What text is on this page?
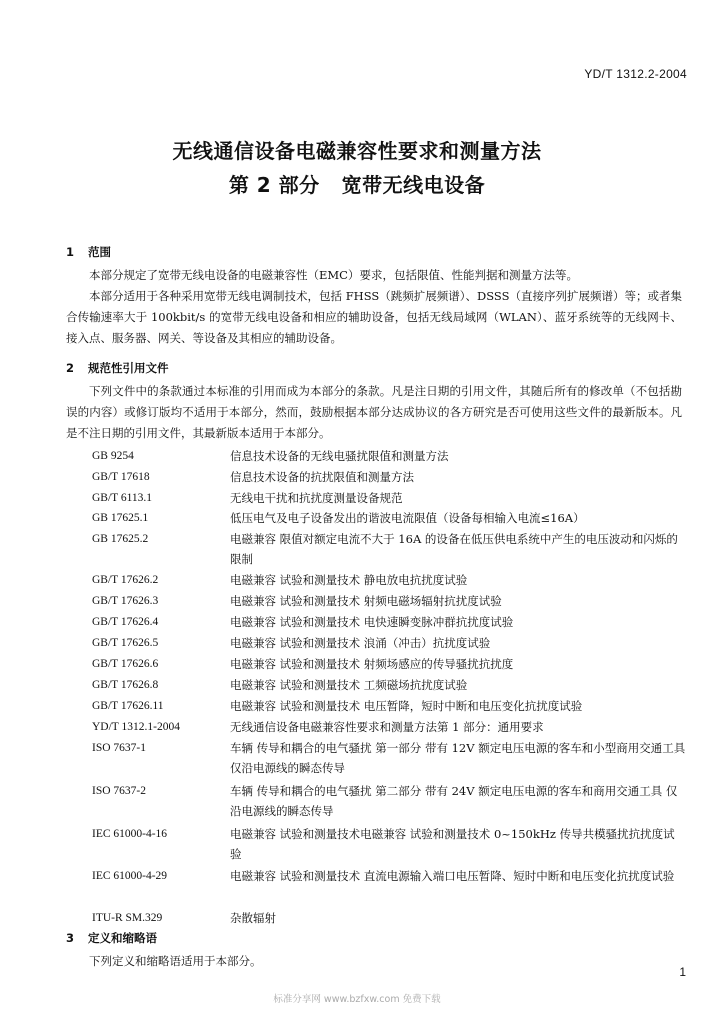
YD/T 1312.2-2004
无线通信设备电磁兼容性要求和测量方法
第 2 部分 宽带无线电设备
1 范围
本部分规定了宽带无线电设备的电磁兼容性（EMC）要求，包括限值、性能判据和测量方法等。
本部分适用于各种采用宽带无线电调制技术，包括 FHSS（跳频扩展频谱）、DSSS（直接序列扩展频谱）等；或者集合传输速率大于 100kbit/s 的宽带无线电设备和相应的辅助设备，包括无线局域网（WLAN）、蓝牙系统等的无线网卡、接入点、服务器、网关、等设备及其相应的辅助设备。
2 规范性引用文件
下列文件中的条款通过本标准的引用而成为本部分的条款。凡是注日期的引用文件，其随后所有的修改单（不包括勘误的内容）或修订版均不适用于本部分，然而，鼓励根据本部分达成协议的各方研究是否可使用这些文件的最新版本。凡是不注日期的引用文件，其最新版本适用于本部分。
GB 9254	信息技术设备的无线电骚扰限值和测量方法
GB/T 17618	信息技术设备的抗扰限值和测量方法
GB/T 6113.1	无线电干扰和抗扰度测量设备规范
GB 17625.1	低压电气及电子设备发出的谐波电流限值（设备每相输入电流≤16A）
GB 17625.2	电磁兼容 限值对额定电流不大于 16A 的设备在低压供电系统中产生的电压波动和闪烁的限制
GB/T 17626.2	电磁兼容 试验和测量技术 静电放电抗扰度试验
GB/T 17626.3	电磁兼容 试验和测量技术 射频电磁场辐射抗扰度试验
GB/T 17626.4	电磁兼容 试验和测量技术 电快速瞬变脉冲群抗扰度试验
GB/T 17626.5	电磁兼容 试验和测量技术 浪涌（冲击）抗扰度试验
GB/T 17626.6	电磁兼容 试验和测量技术 射频场感应的传导骚扰抗扰度
GB/T 17626.8	电磁兼容 试验和测量技术 工频磁场抗扰度试验
GB/T 17626.11	电磁兼容 试验和测量技术 电压暂降，短时中断和电压变化抗扰度试验
YD/T 1312.1-2004	无线通信设备电磁兼容性要求和测量方法第 1 部分：通用要求
ISO 7637-1	车辆 传导和耦合的电气骚扰 第一部分 带有 12V 额定电压电源的客车和小型商用交通工具 仅沿电源线的瞬态传导
ISO 7637-2	车辆 传导和耦合的电气骚扰 第二部分 带有 24V 额定电压电源的客车和商用交通工具 仅沿电源线的瞬态传导
IEC 61000-4-16	电磁兼容 试验和测量技术电磁兼容 试验和测量技术 0~150kHz 传导共模骚扰抗扰度试验
IEC 61000-4-29	电磁兼容 试验和测量技术 直流电源输入端口电压暂降、短时中断和电压变化抗扰度试验
ITU-R SM.329	杂散辐射
3 定义和缩略语
下列定义和缩略语适用于本部分。
1
标准分享网 www.bzfxw.com 免费下载
